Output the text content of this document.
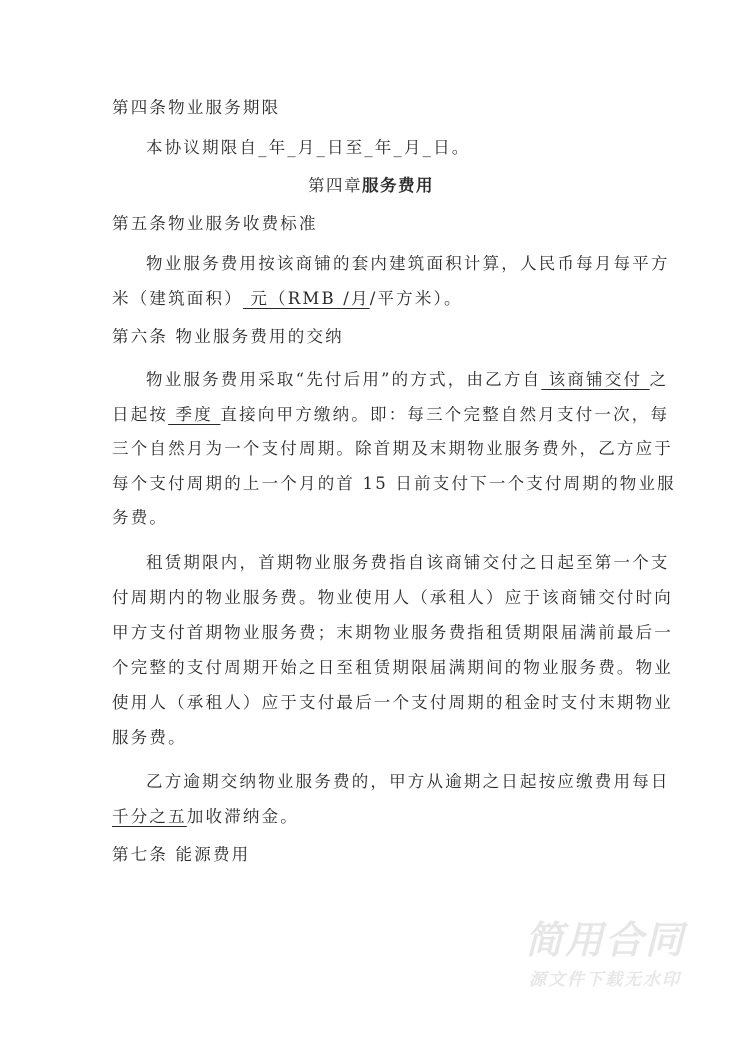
第四条物业服务期限
本协议期限自_年_月_日至_年_月_日。
第四章服务费用
第五条物业服务收费标准
物业服务费用按该商铺的套内建筑面积计算，人民币每月每平方
米（建筑面积） 元（RMB /月/平方米）。
第六条 物业服务费用的交纳
物业服务费用采取“先付后用”的方式，由乙方自 该商铺交付 之
日起按 季度 直接向甲方缴纳。即：每三个完整自然月支付一次，每
三个自然月为一个支付周期。除首期及末期物业服务费外，乙方应于
每个支付周期的上一个月的首 15 日前支付下一个支付周期的物业服
务费。
租赁期限内，首期物业服务费指自该商铺交付之日起至第一个支
付周期内的物业服务费。物业使用人（承租人）应于该商铺交付时向
甲方支付首期物业服务费；末期物业服务费指租赁期限届满前最后一
个完整的支付周期开始之日至租赁期限届满期间的物业服务费。物业
使用人（承租人）应于支付最后一个支付周期的租金时支付末期物业
服务费。
乙方逾期交纳物业服务费的，甲方从逾期之日起按应缴费用每日
千分之五加收滞纳金。
第七条 能源费用
简用合同
源文件下载无水印
